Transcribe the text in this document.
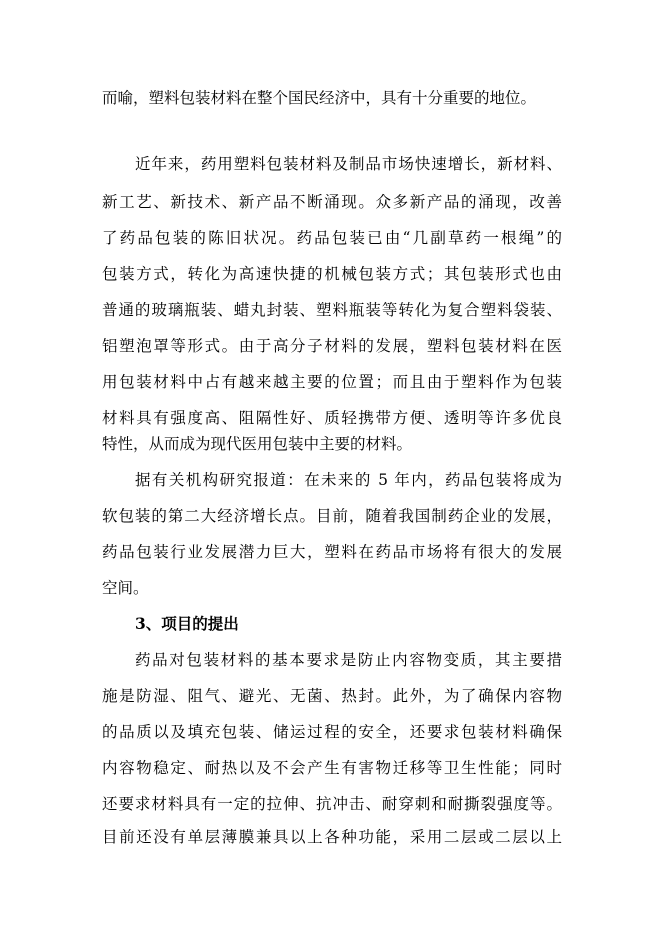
而喻，塑料包装材料在整个国民经济中，具有十分重要的地位。
近年来，药用塑料包装材料及制品市场快速增长，新材料、
新工艺、新技术、新产品不断涌现。众多新产品的涌现，改善
了药品包装的陈旧状况。药品包装已由“几副草药一根绳”的
包装方式，转化为高速快捷的机械包装方式；其包装形式也由
普通的玻璃瓶装、蜡丸封装、塑料瓶装等转化为复合塑料袋装、
铝塑泡罩等形式。由于高分子材料的发展，塑料包装材料在医
用包装材料中占有越来越主要的位置；而且由于塑料作为包装
材料具有强度高、阻隔性好、质轻携带方便、透明等许多优良
特性，从而成为现代医用包装中主要的材料。
据有关机构研究报道：在未来的 5 年内，药品包装将成为
软包装的第二大经济增长点。目前，随着我国制药企业的发展，
药品包装行业发展潜力巨大，塑料在药品市场将有很大的发展
空间。
3、项目的提出
药品对包装材料的基本要求是防止内容物变质，其主要措
施是防湿、阻气、避光、无菌、热封。此外，为了确保内容物
的品质以及填充包装、储运过程的安全，还要求包装材料确保
内容物稳定、耐热以及不会产生有害物迁移等卫生性能；同时
还要求材料具有一定的拉伸、抗冲击、耐穿刺和耐撕裂强度等。
目前还没有单层薄膜兼具以上各种功能，采用二层或二层以上
